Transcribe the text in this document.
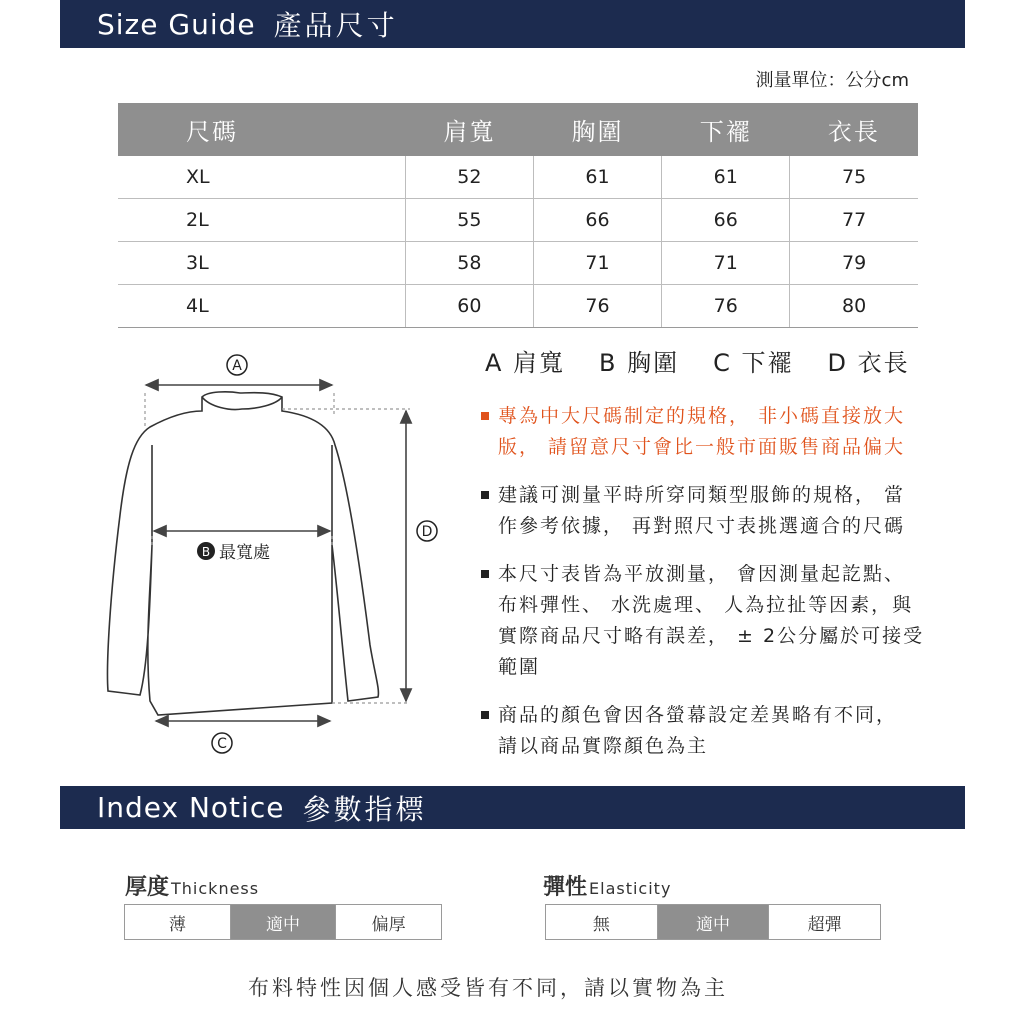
Size Guide 產品尺寸
測量單位：公分cm
尺碼	肩寬	胸圍	下襬	衣長
XL	52	61	61	75
2L	55	66	66	77
3L	58	71	71	79
4L	60	76	76	80
A
B 最寬處
C
D
A 肩寬 B 胸圍 C 下襬 D 衣長
專為中大尺碼制定的規格， 非小碼直接放大
版， 請留意尺寸會比一般市面販售商品偏大
建議可測量平時所穿同類型服飾的規格， 當
作參考依據， 再對照尺寸表挑選適合的尺碼
本尺寸表皆為平放測量， 會因測量起訖點、
布料彈性、 水洗處理、 人為拉扯等因素，與
實際商品尺寸略有誤差， ± 2公分屬於可接受
範圍
商品的顏色會因各螢幕設定差異略有不同，
請以商品實際顏色為主
Index Notice 參數指標
厚度 Thickness
薄	適中	偏厚
彈性 Elasticity
無	適中	超彈
布料特性因個人感受皆有不同，請以實物為主
